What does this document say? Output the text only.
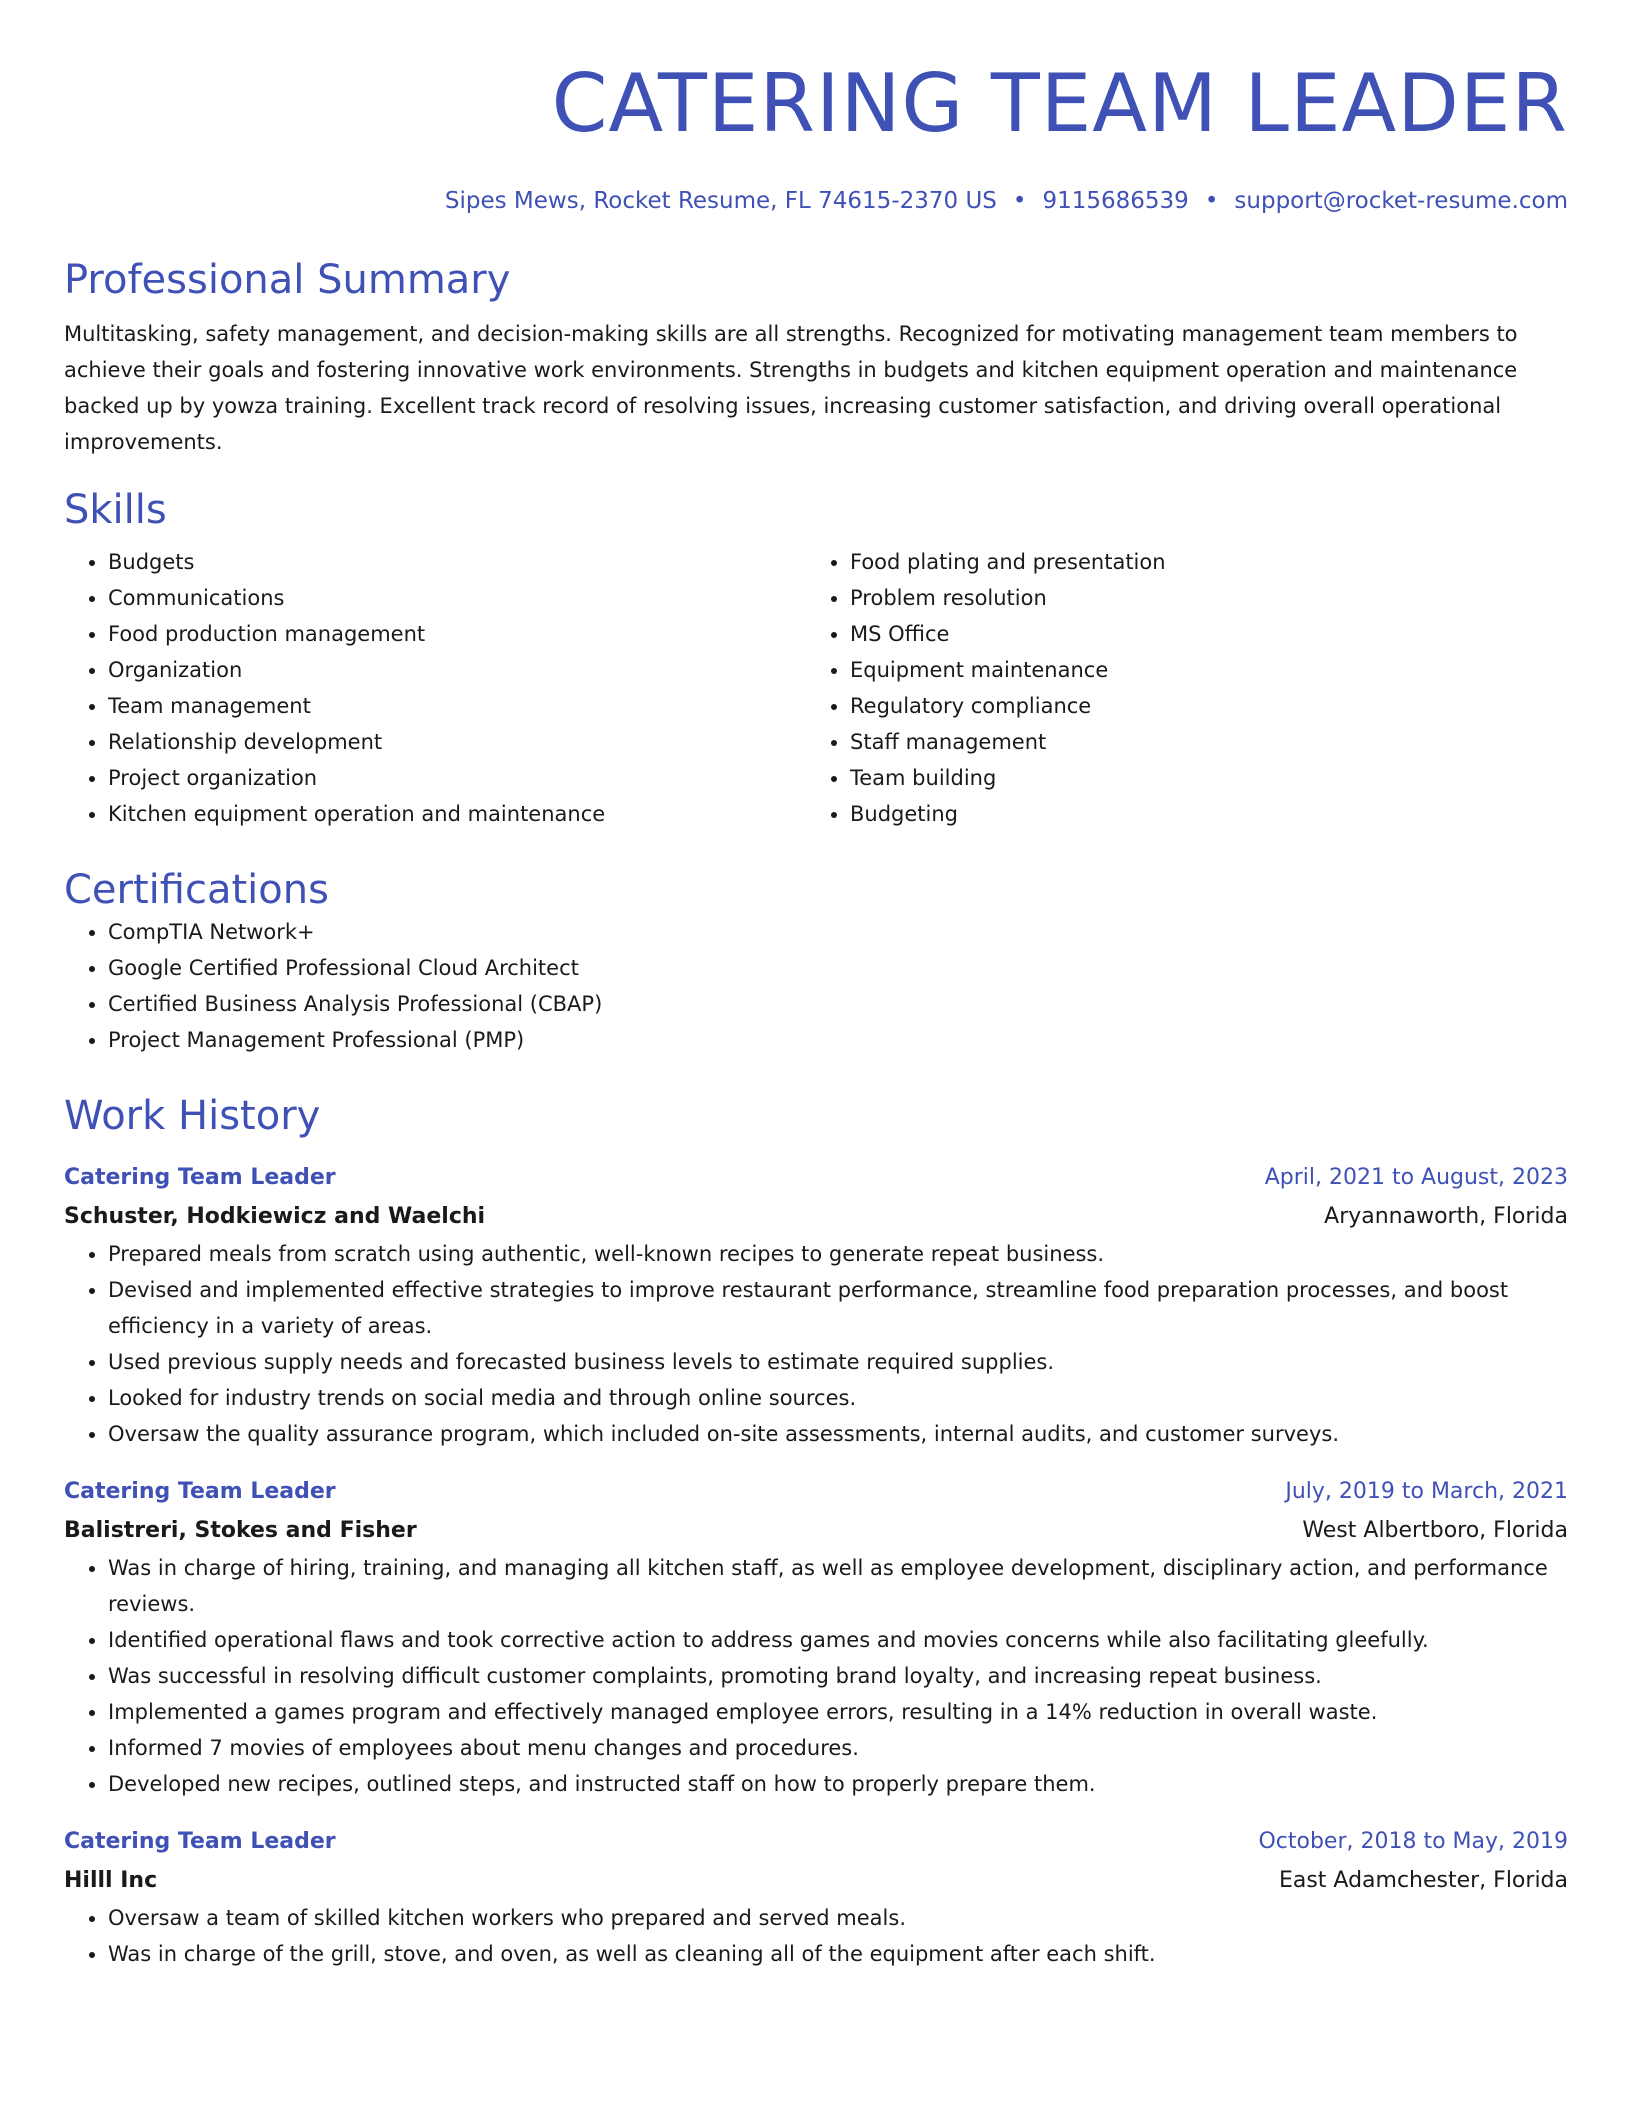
CATERING TEAM LEADER
Sipes Mews, Rocket Resume, FL 74615-2370 US • 9115686539 • support@rocket-resume.com
Professional Summary

Multitasking, safety management, and decision-making skills are all strengths. Recognized for motivating management team members to achieve their goals and fostering innovative work environments. Strengths in budgets and kitchen equipment operation and maintenance backed up by yowza training. Excellent track record of resolving issues, increasing customer satisfaction, and driving overall operational improvements.

Skills
• Budgets
• Communications
• Food production management
• Organization
• Team management
• Relationship development
• Project organization
• Kitchen equipment operation and maintenance
• Food plating and presentation
• Problem resolution
• MS Office
• Equipment maintenance
• Regulatory compliance
• Staff management
• Team building
• Budgeting
Certifications
• CompTIA Network+
• Google Certified Professional Cloud Architect
• Certified Business Analysis Professional (CBAP)
• Project Management Professional (PMP)
Work History
Catering Team Leader	April, 2021 to August, 2023
Schuster, Hodkiewicz and Waelchi	Aryannaworth, Florida
• Prepared meals from scratch using authentic, well-known recipes to generate repeat business.
• Devised and implemented effective strategies to improve restaurant performance, streamline food preparation processes, and boost efficiency in a variety of areas.
• Used previous supply needs and forecasted business levels to estimate required supplies.
• Looked for industry trends on social media and through online sources.
• Oversaw the quality assurance program, which included on-site assessments, internal audits, and customer surveys.
Catering Team Leader	July, 2019 to March, 2021
Balistreri, Stokes and Fisher	West Albertboro, Florida
• Was in charge of hiring, training, and managing all kitchen staff, as well as employee development, disciplinary action, and performance reviews.
• Identified operational flaws and took corrective action to address games and movies concerns while also facilitating gleefully.
• Was successful in resolving difficult customer complaints, promoting brand loyalty, and increasing repeat business.
• Implemented a games program and effectively managed employee errors, resulting in a 14% reduction in overall waste.
• Informed 7 movies of employees about menu changes and procedures.
• Developed new recipes, outlined steps, and instructed staff on how to properly prepare them.
Catering Team Leader	October, 2018 to May, 2019
Hilll Inc	East Adamchester, Florida
• Oversaw a team of skilled kitchen workers who prepared and served meals.
• Was in charge of the grill, stove, and oven, as well as cleaning all of the equipment after each shift.
